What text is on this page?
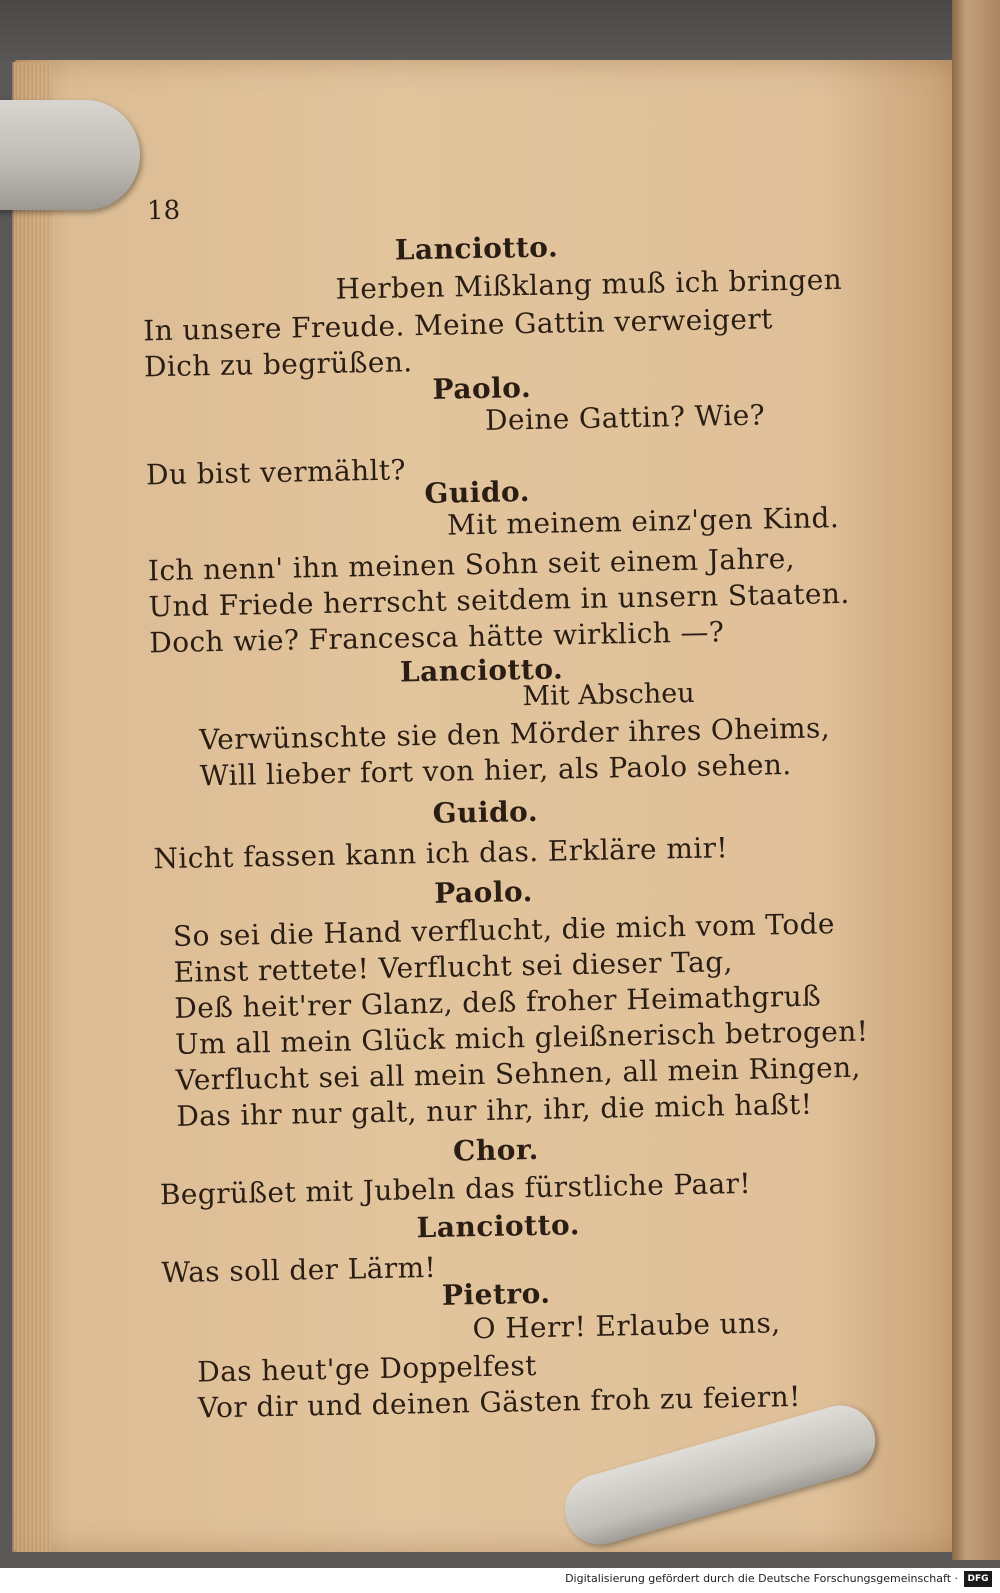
18
Lanciotto.
Herben Mißklang muß ich bringen
In unsere Freude. Meine Gattin verweigert
Dich zu begrüßen.
Paolo.
Deine Gattin? Wie?
Du bist vermählt?
Guido.
Mit meinem einz'gen Kind.
Ich nenn' ihn meinen Sohn seit einem Jahre,
Und Friede herrscht seitdem in unsern Staaten.
Doch wie? Francesca hätte wirklich —?
Lanciotto.
Mit Abscheu
Verwünschte sie den Mörder ihres Oheims,
Will lieber fort von hier, als Paolo sehen.
Guido.
Nicht fassen kann ich das. Erkläre mir!
Paolo.
So sei die Hand verflucht, die mich vom Tode
Einst rettete! Verflucht sei dieser Tag,
Deß heit'rer Glanz, deß froher Heimathgruß
Um all mein Glück mich gleißnerisch betrogen!
Verflucht sei all mein Sehnen, all mein Ringen,
Das ihr nur galt, nur ihr, ihr, die mich haßt!
Chor.
Begrüßet mit Jubeln das fürstliche Paar!
Lanciotto.
Was soll der Lärm!
Pietro.
O Herr! Erlaube uns,
Das heut'ge Doppelfest
Vor dir und deinen Gästen froh zu feiern!
Digitalisierung gefördert durch die Deutsche Forschungsgemeinschaft ·	DFG
